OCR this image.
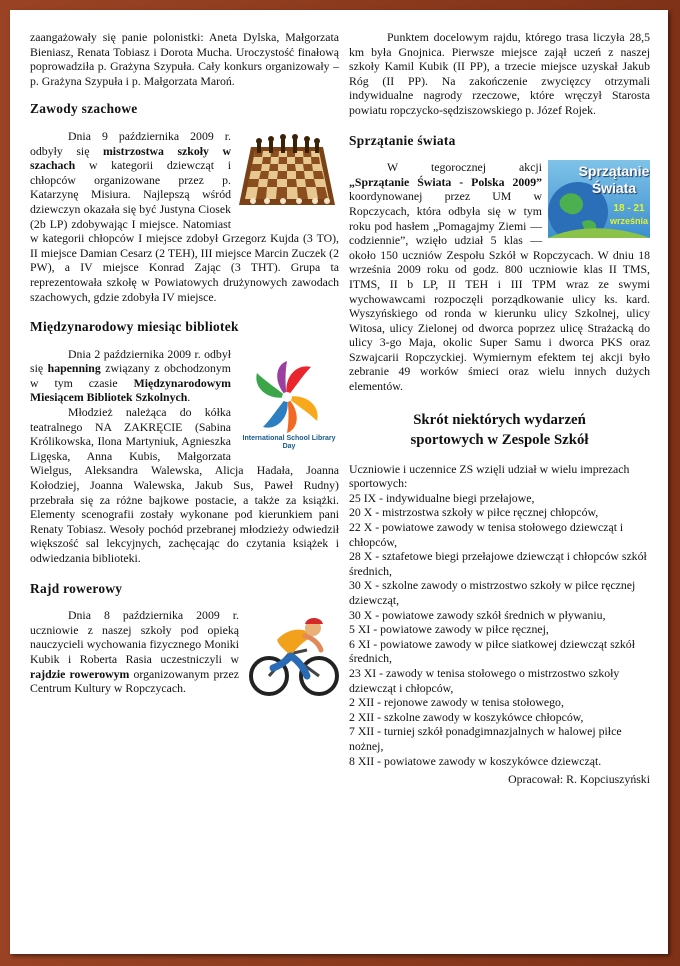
zaangażowały się panie polonistki: Aneta Dylska, Małgorzata Bieniasz, Renata Tobiasz i Dorota Mucha. Uroczystość finałową poprowadziła p. Grażyna Szypuła. Cały konkurs organizowały – p. Grażyna Szypuła i p. Małgorzata Maroń.

Zawody szachowe

Dnia 9 października 2009 r. odbyły się mistrzostwa szkoły w szachach w kategorii dziewcząt i chłopców organizowane przez p. Katarzynę Misiura. Najlepszą wśród dziewczyn okazała się być Justyna Ciosek (2b LP) zdobywając I miejsce. Natomiast w kategorii chłopców I miejsce zdobył Grzegorz Kujda (3 TO), II miejsce Damian Cesarz (2 TEH), III miejsce Marcin Zuczek (2 PW), a IV miejsce Konrad Zając (3 THT). Grupa ta reprezentowała szkołę w Powiatowych drużynowych zawodach szachowych, gdzie zdobyła IV miejsce.

Międzynarodowy miesiąc bibliotek
International School Library Day

Dnia 2 października 2009 r. odbył się hapenning związany z obchodzonym w tym czasie Międzynarodowym Miesiącem Bibliotek Szkolnych.

Młodzież należąca do kółka teatralnego NA ZAKRĘCIE (Sabina Królikowska, Ilona Martyniuk, Agnieszka Ligęska, Anna Kubis, Małgorzata Wielgus, Aleksandra Walewska, Alicja Hadała, Joanna Kołodziej, Joanna Walewska, Jakub Sus, Paweł Rudny) przebrała się za różne bajkowe postacie, a także za książki. Elementy scenografii zostały wykonane pod kierunkiem pani Renaty Tobiasz. Wesoły pochód przebranej młodzieży odwiedził większość sal lekcyjnych, zachęcając do czytania książek i odwiedzania biblioteki.

Rajd rowerowy

Dnia 8 października 2009 r. uczniowie z naszej szkoły pod opieką nauczycieli wychowania fizycznego Moniki Kubik i Roberta Rasia uczestniczyli w rajdzie rowerowym organizowanym przez Centrum Kultury w Ropczycach.

Punktem docelowym rajdu, którego trasa liczyła 28,5 km była Gnojnica. Pierwsze miejsce zajął uczeń z naszej szkoły Kamil Kubik (II PP), a trzecie miejsce uzyskał Jakub Róg (II PP). Na zakończenie zwycięzcy otrzymali indywidualne nagrody rzeczowe, które wręczył Starosta powiatu ropczycko-sędziszowskiego p. Józef Rojek.

Sprzątanie świata
Sprzątanie
Świata
18 - 21
września

W tegorocznej akcji „Sprzątanie Świata - Polska 2009” koordynowanej przez UM w Ropczycach, która odbyła się w tym roku pod hasłem „Pomagajmy Ziemi — codziennie”, wzięło udział 5 klas — około 150 uczniów Zespołu Szkół w Ropczycach. W dniu 18 września 2009 roku od godz. 800 uczniowie klas II TMS, ITMS, II b LP, II TEH i III TPM wraz ze swymi wychowawcami rozpoczęli porządkowanie ulicy ks. kard. Wyszyńskiego od ronda w kierunku ulicy Szkolnej, ulicy Witosa, ulicy Zielonej od dworca poprzez ulicę Strażacką do ulicy 3-go Maja, okolic Super Samu i dworca PKS oraz Szwajcarii Ropczyckiej. Wymiernym efektem tej akcji było zebranie 49 worków śmieci oraz wielu innych dużych elementów.

Skrót niektórych wydarzeń
sportowych w Zespole Szkół

Uczniowie i uczennice ZS wzięli udział w wielu imprezach sportowych:

25 IX - indywidualne biegi przełajowe,

20 X - mistrzostwa szkoły w piłce ręcznej chłopców,

22 X - powiatowe zawody w tenisa stołowego dziewcząt i chłopców,

28 X - sztafetowe biegi przełajowe dziewcząt i chłopców szkół średnich,

30 X - szkolne zawody o mistrzostwo szkoły w piłce ręcznej dziewcząt,

30 X - powiatowe zawody szkół średnich w pływaniu,

5 XI - powiatowe zawody w piłce ręcznej,

6 XI - powiatowe zawody w piłce siatkowej dziewcząt szkół średnich,

23 XI - zawody w tenisa stołowego o mistrzostwo szkoły dziewcząt i chłopców,

2 XII - rejonowe zawody w tenisa stołowego,

2 XII - szkolne zawody w koszykówce chłopców,

7 XII - turniej szkół ponadgimnazjalnych w halowej piłce nożnej,

8 XII - powiatowe zawody w koszykówce dziewcząt.

Opracował: R. Kopciuszyński
